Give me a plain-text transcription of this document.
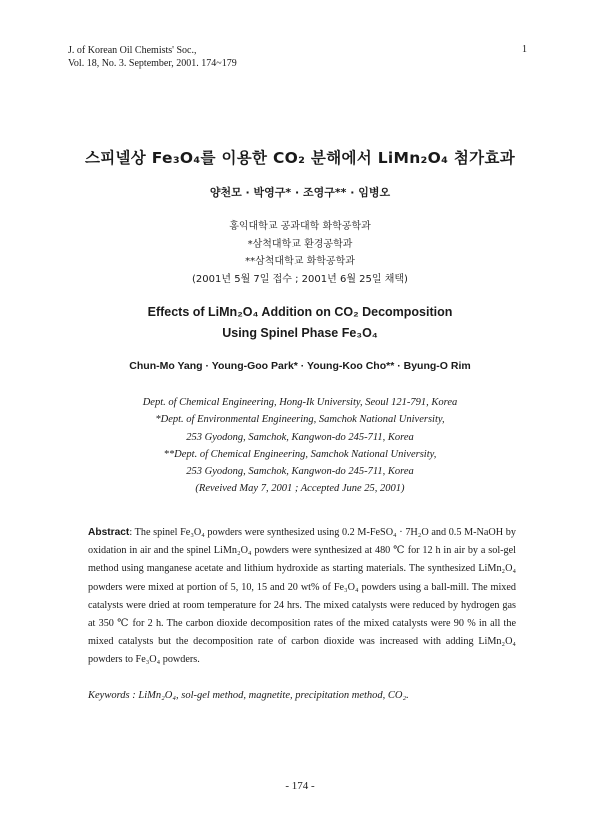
J. of Korean Oil Chemists' Soc.,
Vol. 18, No. 3. September, 2001. 174~179
1
스피넬상 Fe₃O₄를 이용한 CO₂ 분해에서 LiMn₂O₄ 첨가효과
양천모 · 박영구* · 조영구** · 임병오
홍익대학교 공과대학 화학공학과
*삼척대학교 환경공학과
**삼척대학교 화학공학과
(2001년 5월 7일 접수 ; 2001년 6월 25일 채택)
Effects of LiMn₂O₄ Addition on CO₂ Decomposition
Using Spinel Phase Fe₃O₄
Chun-Mo Yang · Young-Goo Park* · Young-Koo Cho** · Byung-O Rim
Dept. of Chemical Engineering, Hong-Ik University, Seoul 121-791, Korea
*Dept. of Environmental Engineering, Samchok National University,
253 Gyodong, Samchok, Kangwon-do 245-711, Korea
**Dept. of Chemical Engineering, Samchok National University,
253 Gyodong, Samchok, Kangwon-do 245-711, Korea
(Reveived May 7, 2001 ; Accepted June 25, 2001)
Abstract: The spinel Fe₃O₄ powders were synthesized using 0.2 M-FeSO₄ · 7H₂O and 0.5 M-NaOH by oxidation in air and the spinel LiMn₂O₄ powders were synthesized at 480 ℃ for 12 h in air by a sol-gel method using manganese acetate and lithium hydroxide as starting materials. The synthesized LiMn₂O₄ powders were mixed at portion of 5, 10, 15 and 20 wt% of Fe₃O₄ powders using a ball-mill. The mixed catalysts were dried at room temperature for 24 hrs. The mixed catalysts were reduced by hydrogen gas at 350 ℃ for 2 h. The carbon dioxide decomposition rates of the mixed catalysts were 90 % in all the mixed catalysts but the decomposition rate of carbon dioxide was increased with adding LiMn₂O₄ powders to Fe₃O₄ powders.
Keywords : LiMn₂O₄, sol-gel method, magnetite, precipitation method, CO₂.
- 174 -
